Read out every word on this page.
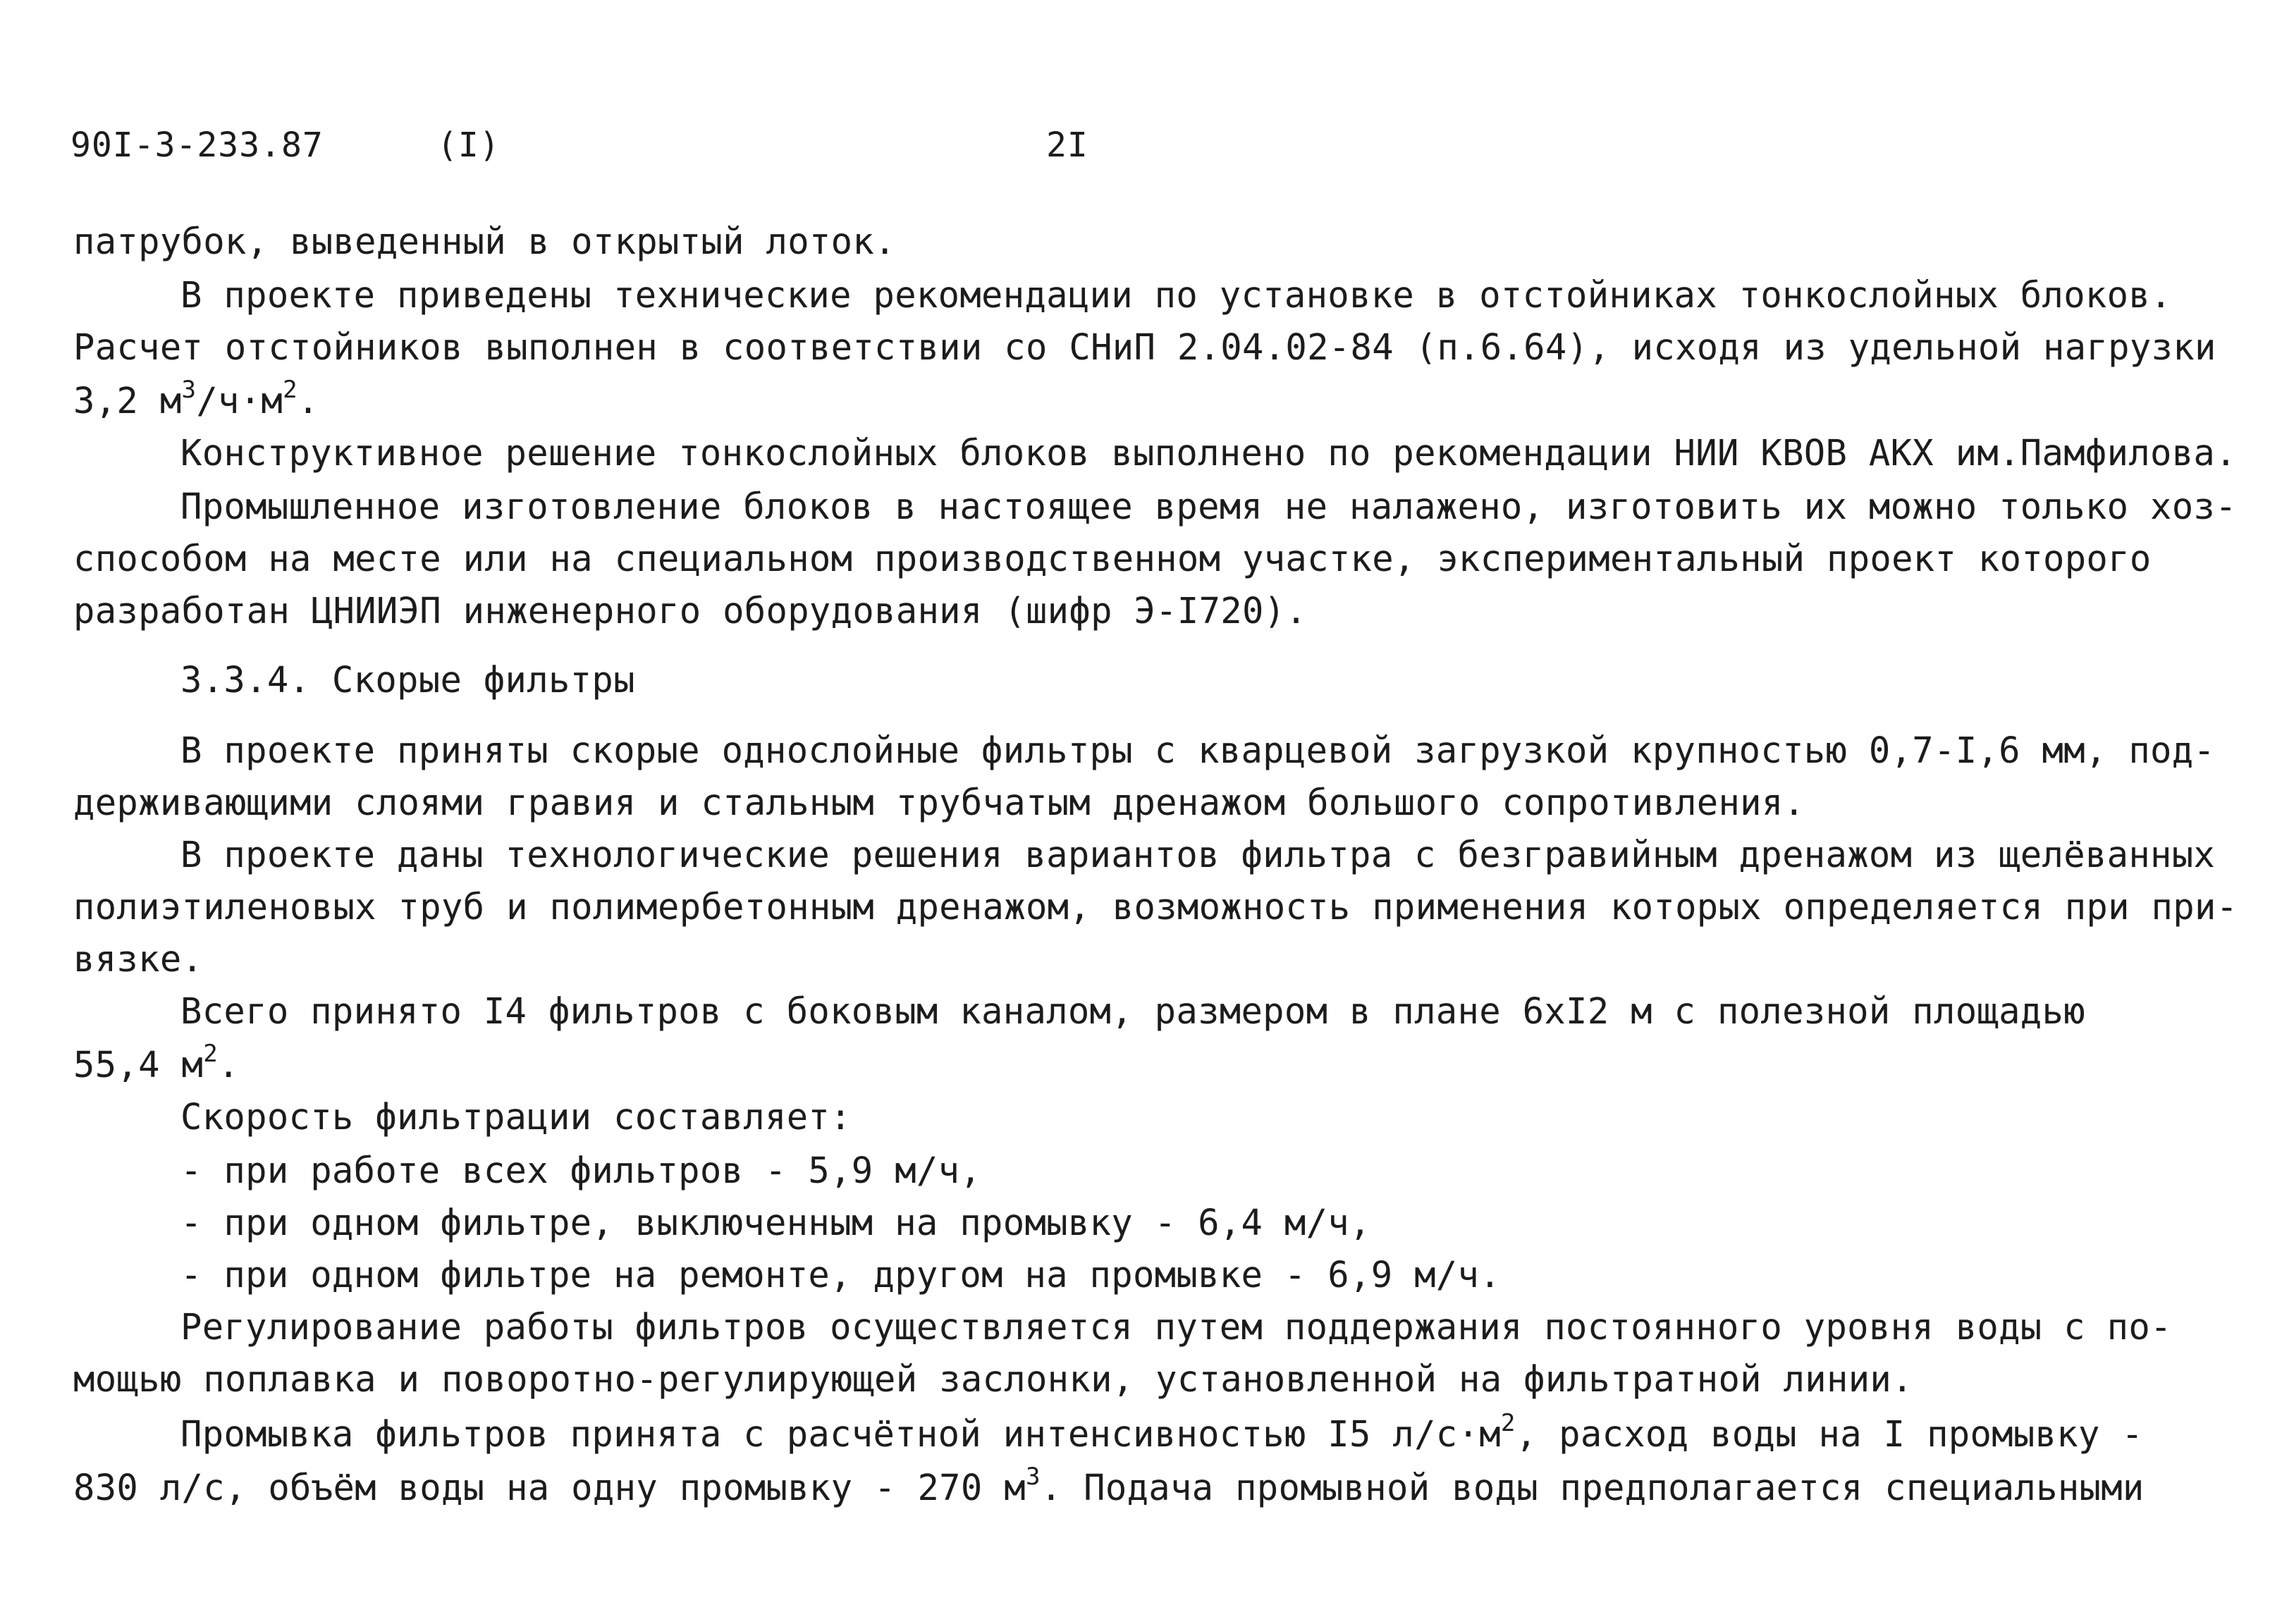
90I-3-233.87	(I)	2I
патрубок, выведенный в открытый лоток.
В проекте приведены технические рекомендации по установке в отстойниках тонкослойных блоков.
Расчет отстойников выполнен в соответствии со СНиП 2.04.02-84 (п.6.64), исходя из удельной нагрузки
3,2 $м^3/ч\cdot м^2$.
Конструктивное решение тонкослойных блоков выполнено по рекомендации НИИ КВОВ АКХ им.Памфилова.
Промышленное изготовление блоков в настоящее время не налажено, изготовить их можно только хоз-
способом на месте или на специальном производственном участке, экспериментальный проект которого
разработан ЦНИИЭП инженерного оборудования (шифр Э-I720).
3.3.4. Скорые фильтры
В проекте приняты скорые однослойные фильтры с кварцевой загрузкой крупностью 0,7-I,6 мм, под-
держивающими слоями гравия и стальным трубчатым дренажом большого сопротивления.
В проекте даны технологические решения вариантов фильтра с безгравийным дренажом из щелёванных
полиэтиленовых труб и полимербетонным дренажом, возможность применения которых определяется при при-
вязке.
Всего принято I4 фильтров с боковым каналом, размером в плане 6хI2 м с полезной площадью
55,4 $м^2$.
Скорость фильтрации составляет:
- при работе всех фильтров - 5,9 м/ч,
- при одном фильтре, выключенным на промывку - 6,4 м/ч,
- при одном фильтре на ремонте, другом на промывке - 6,9 м/ч.
Регулирование работы фильтров осуществляется путем поддержания постоянного уровня воды с по-
мощью поплавка и поворотно-регулирующей заслонки, установленной на фильтратной линии.
Промывка фильтров принята с расчётной интенсивностью I5 $л/с\cdot м^2$, расход воды на I промывку -
830 л/с, объём воды на одну промывку - 270 $м^3$. Подача промывной воды предполагается специальными
